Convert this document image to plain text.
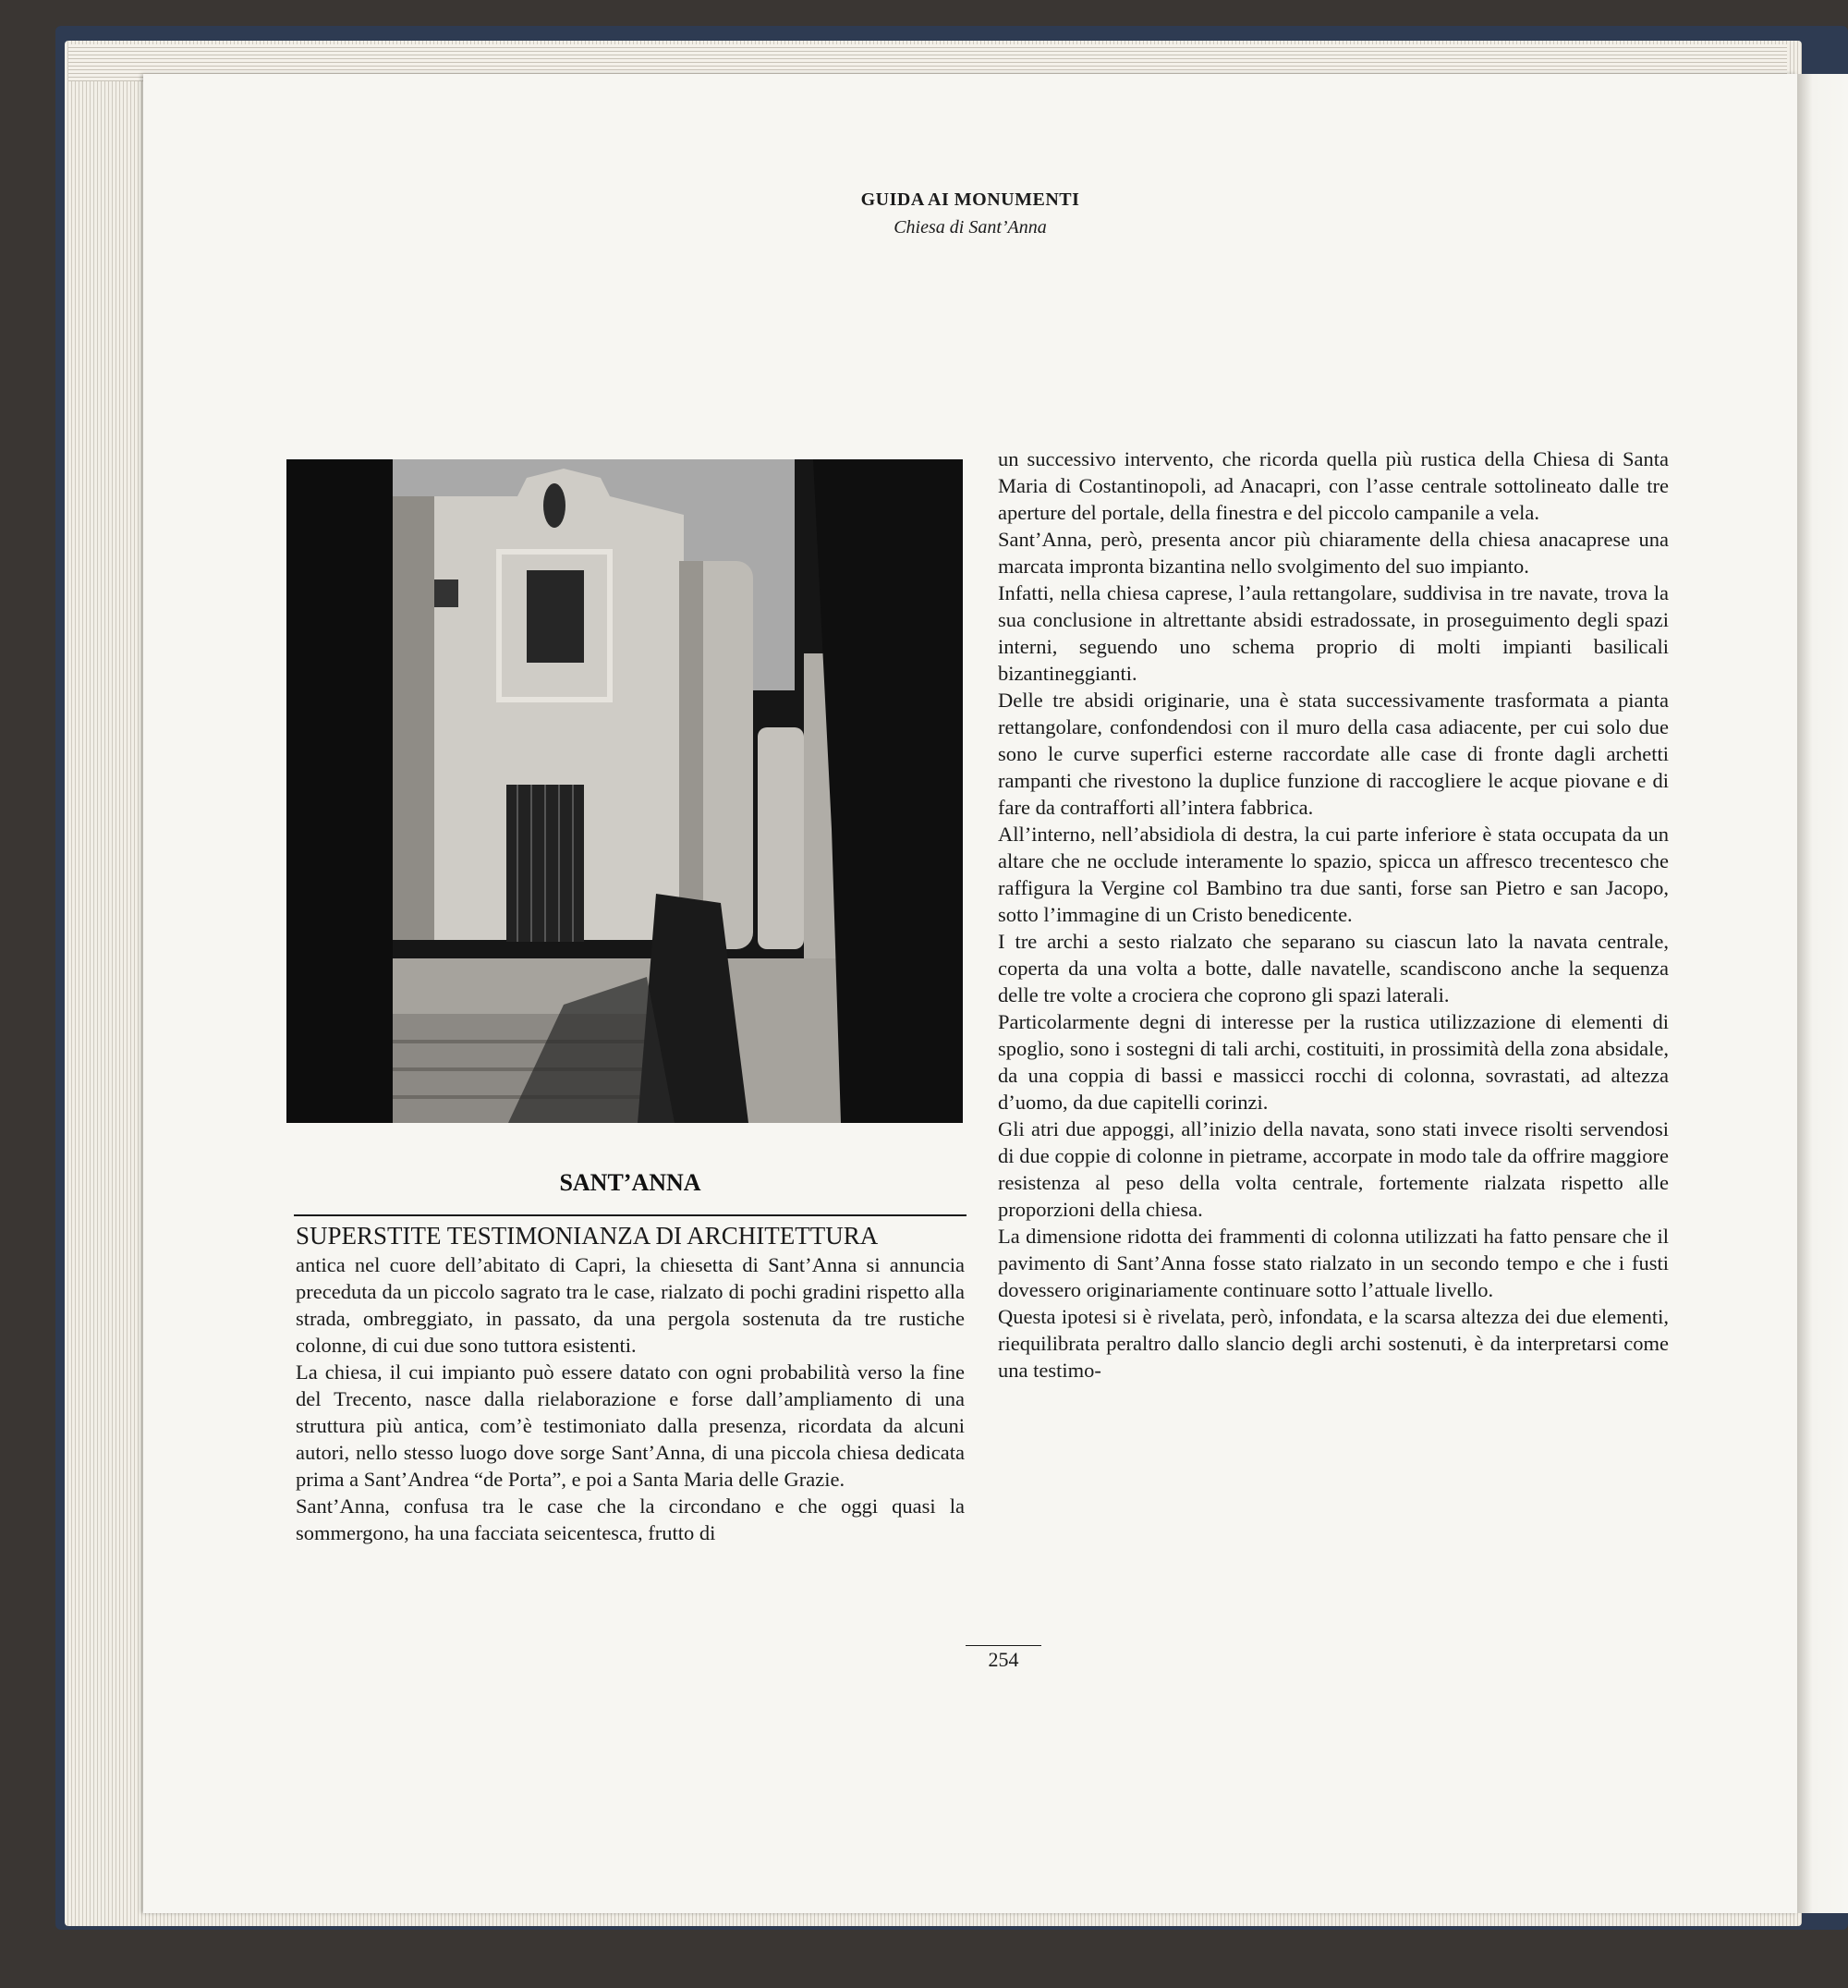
GUIDA AI MONUMENTI
Chiesa di Sant’Anna
SANT’ANNA

SUPERSTITE TESTIMONIANZA DI ARCHITETTURA

antica nel cuore dell’abitato di Capri, la chiesetta di Sant’Anna si annuncia preceduta da un piccolo sagrato tra le case, rialzato di pochi gradini rispetto alla strada, ombreggiato, in passato, da una pergola sostenuta da tre rustiche colonne, di cui due sono tuttora esistenti.

La chiesa, il cui impianto può essere datato con ogni probabilità verso la fine del Trecento, nasce dalla rielaborazione e forse dall’ampliamento di una struttura più antica, com’è testimoniato dalla presenza, ricordata da alcuni autori, nello stesso luogo dove sorge Sant’Anna, di una piccola chiesa dedicata prima a Sant’Andrea “de Porta”, e poi a Santa Maria delle Grazie.

Sant’Anna, confusa tra le case che la circondano e che oggi quasi la sommergono, ha una facciata seicentesca, frutto di

un successivo intervento, che ricorda quella più rustica della Chiesa di Santa Maria di Costantinopoli, ad Anacapri, con l’asse centrale sottolineato dalle tre aperture del portale, della finestra e del piccolo campanile a vela.

Sant’Anna, però, presenta ancor più chiaramente della chiesa anacaprese una marcata impronta bizantina nello svolgimento del suo impianto.

Infatti, nella chiesa caprese, l’aula rettangolare, suddivisa in tre navate, trova la sua conclusione in altrettante absidi estradossate, in proseguimento degli spazi interni, seguendo uno schema proprio di molti impianti basilicali bizantineggianti.

Delle tre absidi originarie, una è stata successivamente trasformata a pianta rettangolare, confondendosi con il muro della casa adiacente, per cui solo due sono le curve superfici esterne raccordate alle case di fronte dagli archetti rampanti che rivestono la duplice funzione di raccogliere le acque piovane e di fare da contrafforti all’intera fabbrica.

All’interno, nell’absidiola di destra, la cui parte inferiore è stata occupata da un altare che ne occlude interamente lo spazio, spicca un affresco trecentesco che raffigura la Vergine col Bambino tra due santi, forse san Pietro e san Jacopo, sotto l’immagine di un Cristo benedicente.

I tre archi a sesto rialzato che separano su ciascun lato la navata centrale, coperta da una volta a botte, dalle navatelle, scandiscono anche la sequenza delle tre volte a crociera che coprono gli spazi laterali.

Particolarmente degni di interesse per la rustica utilizzazione di elementi di spoglio, sono i sostegni di tali archi, costituiti, in prossimità della zona absidale, da una coppia di bassi e massicci rocchi di colonna, sovrastati, ad altezza d’uomo, da due capitelli corinzi.

Gli atri due appoggi, all’inizio della navata, sono stati invece risolti servendosi di due coppie di colonne in pietrame, accorpate in modo tale da offrire maggiore resistenza al peso della volta centrale, fortemente rialzata rispetto alle proporzioni della chiesa.

La dimensione ridotta dei frammenti di colonna utilizzati ha fatto pensare che il pavimento di Sant’Anna fosse stato rialzato in un secondo tempo e che i fusti dovessero originariamente continuare sotto l’attuale livello.

Questa ipotesi si è rivelata, però, infondata, e la scarsa altezza dei due elementi, riequilibrata peraltro dallo slancio degli archi sostenuti, è da interpretarsi come una testimo-

254
